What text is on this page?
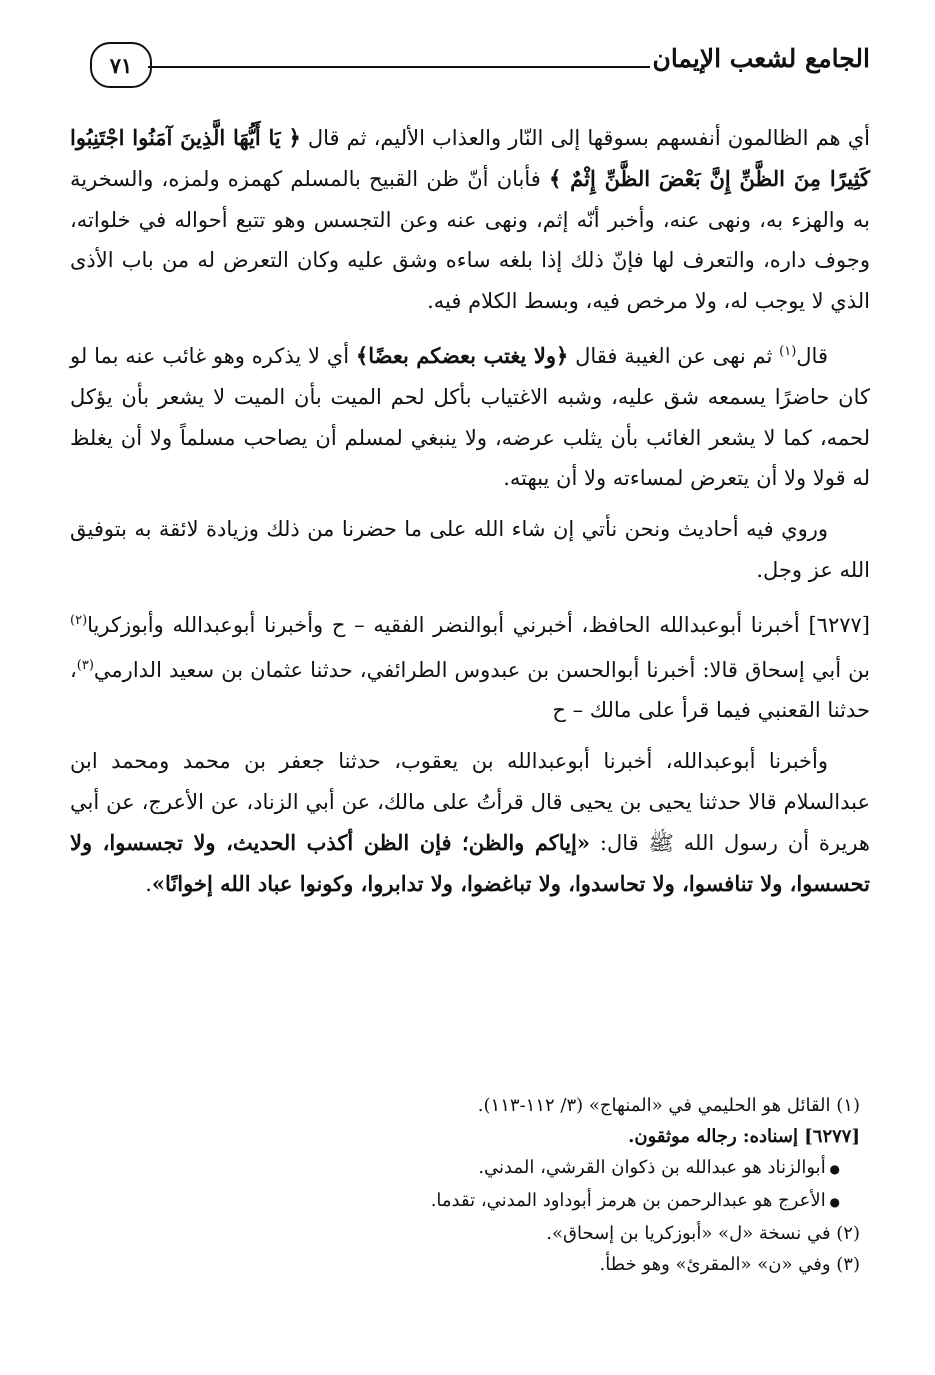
الجامع لشعب الإيمان
٧١

أي هم الظالمون أنفسهم بسوقها إلى النّار والعذاب الأليم، ثم قال ﴿ يَا أَيُّهَا الَّذِينَ آمَنُوا اجْتَنِبُوا كَثِيرًا مِنَ الظَّنِّ إِنَّ بَعْضَ الظَّنِّ إِثْمٌ ﴾ فأبان أنّ ظن القبيح بالمسلم كهمزه ولمزه، والسخرية به والهزء به، ونهى عنه، وأخبر أنّه إثم، ونهى عنه وعن التجسس وهو تتبع أحواله في خلواته، وجوف داره، والتعرف لها فإنّ ذلك إذا بلغه ساءه وشق عليه وكان التعرض له من باب الأذى الذي لا يوجب له، ولا مرخص فيه، وبسط الكلام فيه.

قال$^{(١)}$ ثم نهى عن الغيبة فقال ﴿ولا يغتب بعضكم بعضًا﴾ أي لا يذكره وهو غائب عنه بما لو كان حاضرًا يسمعه شق عليه، وشبه الاغتياب بأكل لحم الميت بأن الميت لا يشعر بأن يؤكل لحمه، كما لا يشعر الغائب بأن يثلب عرضه، ولا ينبغي لمسلم أن يصاحب مسلماً ولا أن يغلظ له قولا ولا أن يتعرض لمساءته ولا أن يبهته.

وروي فيه أحاديث ونحن نأتي إن شاء الله على ما حضرنا من ذلك وزيادة لائقة به بتوفيق الله عز وجل.

[٦٢٧٧] أخبرنا أبوعبدالله الحافظ، أخبرني أبوالنضر الفقيه – ح وأخبرنا أبوعبدالله وأبوزكريا$^{(٢)}$ بن أبي إسحاق قالا: أخبرنا أبوالحسن بن عبدوس الطرائفي، حدثنا عثمان بن سعيد الدارمي$^{(٣)}$، حدثنا القعنبي فيما قرأ على مالك – ح

وأخبرنا أبوعبدالله، أخبرنا أبوعبدالله بن يعقوب، حدثنا جعفر بن محمد ومحمد ابن عبدالسلام قالا حدثنا يحيى بن يحيى قال قرأتُ على مالك، عن أبي الزناد، عن الأعرج، عن أبي هريرة أن رسول الله ﷺ قال: «إياكم والظن؛ فإن الظن أكذب الحديث، ولا تجسسوا، ولا تحسسوا، ولا تنافسوا، ولا تحاسدوا، ولا تباغضوا، ولا تدابروا، وكونوا عباد الله إخوانًا».

(١) القائل هو الحليمي في «المنهاج» (٣/ ١١٢-١١٣).

[٦٢٧٧] إسناده: رجاله موثقون.

● أبوالزناد هو عبدالله بن ذكوان القرشي، المدني.

● الأعرج هو عبدالرحمن بن هرمز أبوداود المدني، تقدما.

(٢) في نسخة «ل» «أبوزكريا بن إسحاق».

(٣) وفي «ن» «المقرئ» وهو خطأ.
